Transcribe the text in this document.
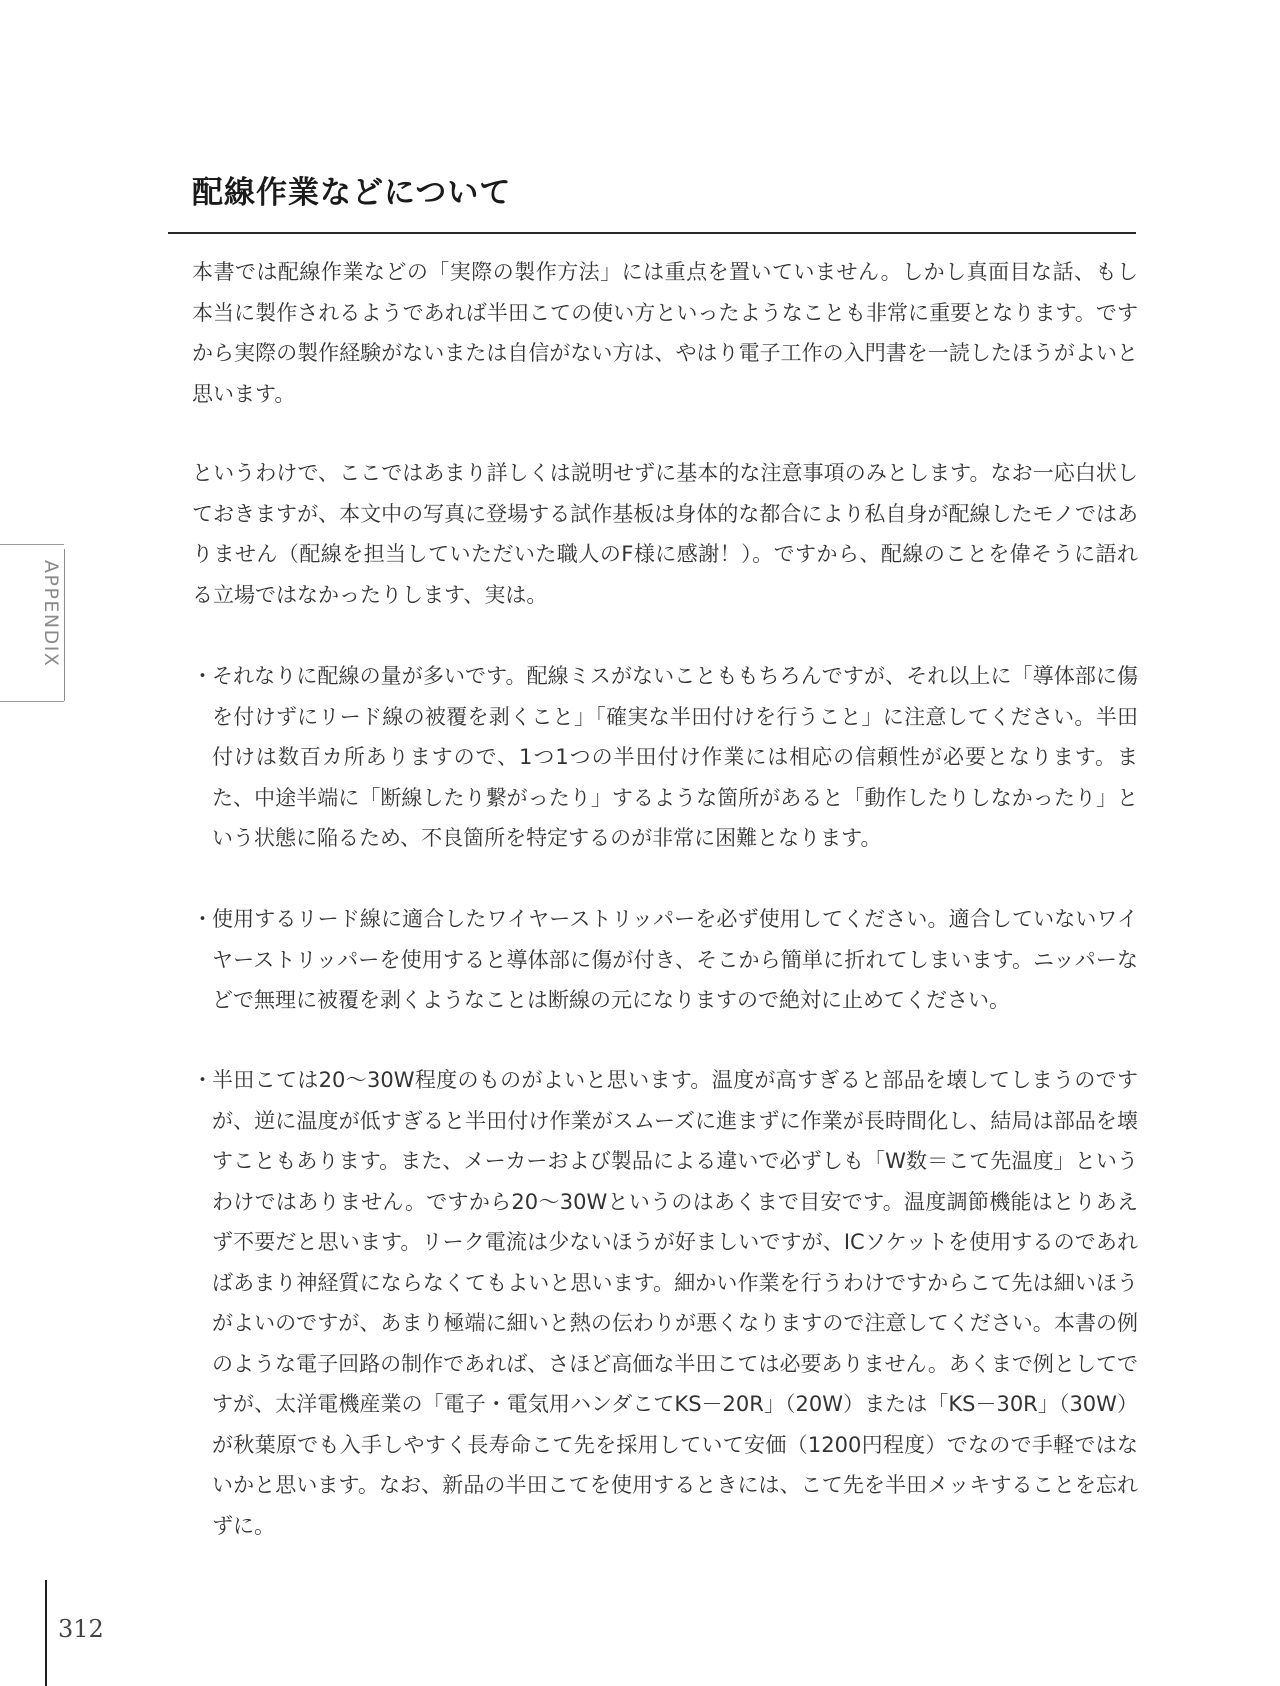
APPENDIX
配線作業などについて

本書では配線作業などの「実際の製作方法」には重点を置いていません。しかし真面目な話、もし本当に製作されるようであれば半田こての使い方といったようなことも非常に重要となります。ですから実際の製作経験がないまたは自信がない方は、やはり電子工作の入門書を一読したほうがよいと思います。

というわけで、ここではあまり詳しくは説明せずに基本的な注意事項のみとします。なお一応白状しておきますが、本文中の写真に登場する試作基板は身体的な都合により私自身が配線したモノではありません（配線を担当していただいた職人のF様に感謝！）。ですから、配線のことを偉そうに語れる立場ではなかったりします、実は。

・ それなりに配線の量が多いです。配線ミスがないことももちろんですが、それ以上に「導体部に傷を付けずにリード線の被覆を剥くこと」「確実な半田付けを行うこと」に注意してください。半田付けは数百カ所ありますので、1つ1つの半田付け作業には相応の信頼性が必要となります。また、中途半端に「断線したり繋がったり」するような箇所があると「動作したりしなかったり」という状態に陥るため、不良箇所を特定するのが非常に困難となります。
・ 使用するリード線に適合したワイヤーストリッパーを必ず使用してください。適合していないワイヤーストリッパーを使用すると導体部に傷が付き、そこから簡単に折れてしまいます。ニッパーなどで無理に被覆を剥くようなことは断線の元になりますので絶対に止めてください。
・ 半田こては20～30W程度のものがよいと思います。温度が高すぎると部品を壊してしまうのですが、逆に温度が低すぎると半田付け作業がスムーズに進まずに作業が長時間化し、結局は部品を壊すこともあります。また、メーカーおよび製品による違いで必ずしも「W数＝こて先温度」というわけではありません。ですから20～30Wというのはあくまで目安です。温度調節機能はとりあえず不要だと思います。リーク電流は少ないほうが好ましいですが、ICソケットを使用するのであればあまり神経質にならなくてもよいと思います。細かい作業を行うわけですからこて先は細いほうがよいのですが、あまり極端に細いと熱の伝わりが悪くなりますので注意してください。本書の例のような電子回路の制作であれば、さほど高価な半田こては必要ありません。あくまで例としてですが、太洋電機産業の「電子・電気用ハンダこてKS－20R」（20W）または「KS－30R」（30W）が秋葉原でも入手しやすく長寿命こて先を採用していて安価（1200円程度）でなので手軽ではないかと思います。なお、新品の半田こてを使用するときには、こて先を半田メッキすることを忘れずに。
312
